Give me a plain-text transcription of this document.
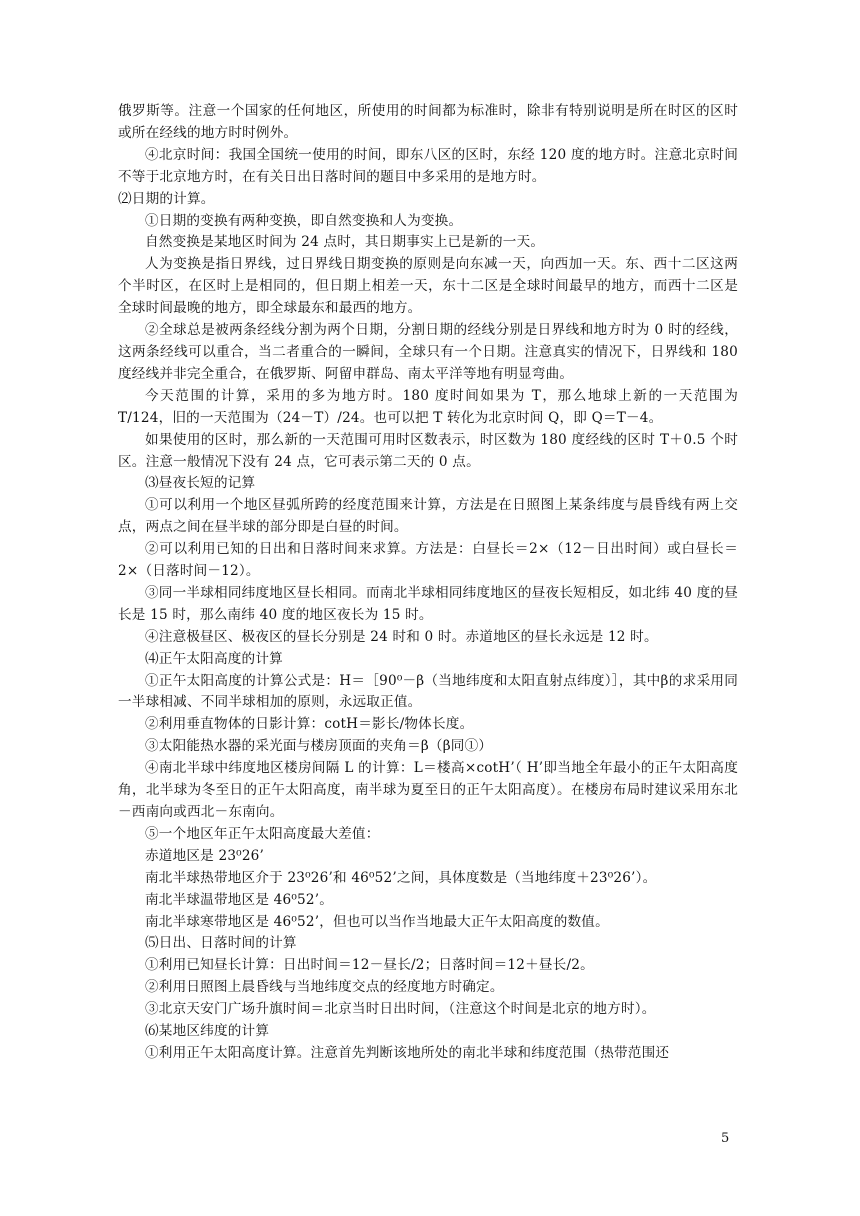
俄罗斯等。注意一个国家的任何地区，所使用的时间都为标准时，除非有特别说明是所在时区的区时或所在经线的地方时时例外。

④北京时间：我国全国统一使用的时间，即东八区的区时，东经 120 度的地方时。注意北京时间不等于北京地方时，在有关日出日落时间的题目中多采用的是地方时。

⑵日期的计算。

①日期的变换有两种变换，即自然变换和人为变换。

自然变换是某地区时间为 24 点时，其日期事实上已是新的一天。

人为变换是指日界线，过日界线日期变换的原则是向东减一天，向西加一天。东、西十二区这两个半时区，在区时上是相同的，但日期上相差一天，东十二区是全球时间最早的地方，而西十二区是全球时间最晚的地方，即全球最东和最西的地方。

②全球总是被两条经线分割为两个日期，分割日期的经线分别是日界线和地方时为 0 时的经线，这两条经线可以重合，当二者重合的一瞬间，全球只有一个日期。注意真实的情况下，日界线和 180 度经线并非完全重合，在俄罗斯、阿留申群岛、南太平洋等地有明显弯曲。

今天范围的计算，采用的多为地方时。180 度时间如果为 T，那么地球上新的一天范围为 T/124，旧的一天范围为（24－T）/24。也可以把 T 转化为北京时间 Q，即 Q＝T－4。

如果使用的区时，那么新的一天范围可用时区数表示，时区数为 180 度经线的区时 T＋0.5 个时区。注意一般情况下没有 24 点，它可表示第二天的 0 点。

⑶昼夜长短的记算

①可以利用一个地区昼弧所跨的经度范围来计算，方法是在日照图上某条纬度与晨昏线有两上交点，两点之间在昼半球的部分即是白昼的时间。

②可以利用已知的日出和日落时间来求算。方法是：白昼长＝2×（12－日出时间）或白昼长＝2×（日落时间－12）。

③同一半球相同纬度地区昼长相同。而南北半球相同纬度地区的昼夜长短相反，如北纬 40 度的昼长是 15 时，那么南纬 40 度的地区夜长为 15 时。

④注意极昼区、极夜区的昼长分别是 24 时和 0 时。赤道地区的昼长永远是 12 时。

⑷正午太阳高度的计算

①正午太阳高度的计算公式是：H＝［90⁰－β（当地纬度和太阳直射点纬度）］，其中β的求采用同一半球相减、不同半球相加的原则，永远取正值。

②利用垂直物体的日影计算：cotH＝影长/物体长度。

③太阳能热水器的采光面与楼房顶面的夹角＝β（β同①）

④南北半球中纬度地区楼房间隔 L 的计算：L＝楼高×cotH’（ H’即当地全年最小的正午太阳高度角，北半球为冬至日的正午太阳高度，南半球为夏至日的正午太阳高度）。在楼房布局时建议采用东北－西南向或西北－东南向。

⑤一个地区年正午太阳高度最大差值：

赤道地区是 23⁰26’

南北半球热带地区介于 23⁰26’和 46⁰52’之间，具体度数是（当地纬度＋23⁰26’）。

南北半球温带地区是 46⁰52’。

南北半球寒带地区是 46⁰52’，但也可以当作当地最大正午太阳高度的数值。

⑸日出、日落时间的计算

①利用已知昼长计算：日出时间＝12－昼长/2；日落时间＝12＋昼长/2。

②利用日照图上晨昏线与当地纬度交点的经度地方时确定。

③北京天安门广场升旗时间＝北京当时日出时间，（注意这个时间是北京的地方时）。

⑹某地区纬度的计算

①利用正午太阳高度计算。注意首先判断该地所处的南北半球和纬度范围（热带范围还

5
